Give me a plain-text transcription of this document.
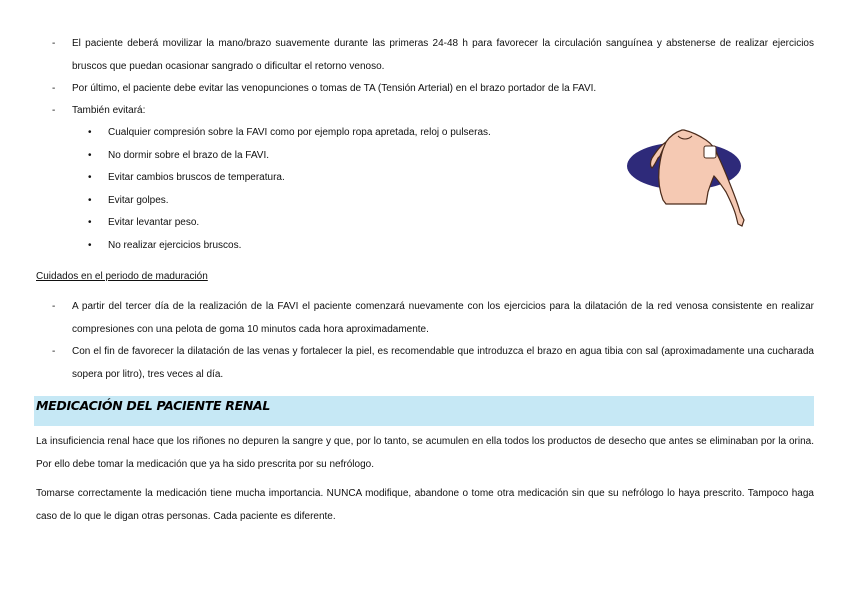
- El paciente deberá movilizar la mano/brazo suavemente durante las primeras 24-48 h para favorecer la circulación sanguínea y abstenerse de realizar ejercicios bruscos que puedan ocasionar sangrado o dificultar el retorno venoso.
- Por último, el paciente debe evitar las venopunciones o tomas de TA (Tensión Arterial) en el brazo portador de la FAVI.
- También evitará:
• Cualquier compresión sobre la FAVI como por ejemplo ropa apretada, reloj o pulseras.
• No dormir sobre el brazo de la FAVI.
• Evitar cambios bruscos de temperatura.
• Evitar golpes.
• Evitar levantar peso.
• No realizar ejercicios bruscos.
Cuidados en el periodo de maduración
- A partir del tercer día de la realización de la FAVI el paciente comenzará nuevamente con los ejercicios para la dilatación de la red venosa consistente en realizar compresiones con una pelota de goma 10 minutos cada hora aproximadamente.
- Con el fin de favorecer la dilatación de las venas y fortalecer la piel, es recomendable que introduzca el brazo en agua tibia con sal (aproximadamente una cucharada sopera por litro), tres veces al día.
MEDICACIÓN DEL PACIENTE RENAL
La insuficiencia renal hace que los riñones no depuren la sangre y que, por lo tanto, se acumulen en ella todos los productos de desecho que antes se eliminaban por la orina. Por ello debe tomar la medicación que ya ha sido prescrita por su nefrólogo.
Tomarse correctamente la medicación tiene mucha importancia. NUNCA modifique, abandone o tome otra medicación sin que su nefrólogo lo haya prescrito. Tampoco haga caso de lo que le digan otras personas. Cada paciente es diferente.
